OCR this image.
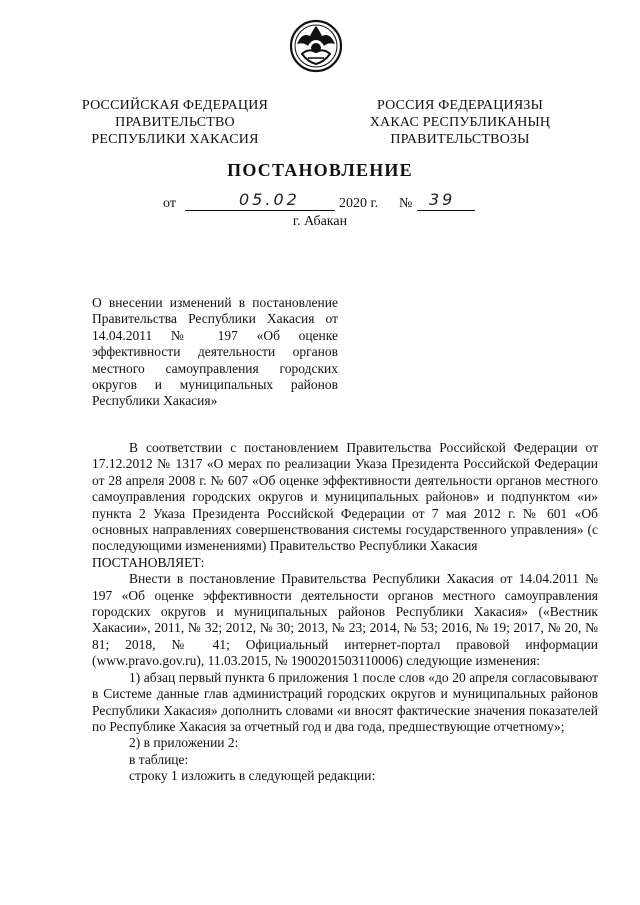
РОССИЙСКАЯ ФЕДЕРАЦИЯ
ПРАВИТЕЛЬСТВО
РЕСПУБЛИКИ ХАКАСИЯ
РОССИЯ ФЕДЕРАЦИЯЗЫ
ХАКАС РЕСПУБЛИКАНЫҢ
ПРАВИТЕЛЬСТВОЗЫ
ПОСТАНОВЛЕНИЕ
от	05.02	2020 г. № 39
г. Абакан
О внесении изменений в постановление Правительства Республики Хакасия от 14.04.2011 № 197 «Об оценке эффективности деятельности органов местного самоуправления городских округов и муниципальных районов Республики Хакасия»

В соответствии с постановлением Правительства Российской Федерации от 17.12.2012 № 1317 «О мерах по реализации Указа Президента Российской Федерации от 28 апреля 2008 г. № 607 «Об оценке эффективности деятельности органов местного самоуправления городских округов и муниципальных районов» и подпунктом «и» пункта 2 Указа Президента Российской Федерации от 7 мая 2012 г. № 601 «Об основных направлениях совершенствования системы государственного управления» (с последующими изменениями) Правительство Республики Хакасия

ПОСТАНОВЛЯЕТ:

Внести в постановление Правительства Республики Хакасия от 14.04.2011 № 197 «Об оценке эффективности деятельности органов местного самоуправления городских округов и муниципальных районов Республики Хакасия» («Вестник Хакасии», 2011, № 32; 2012, № 30; 2013, № 23; 2014, № 53; 2016, № 19; 2017, № 20, № 81; 2018, № 41; Официальный интернет-портал правовой информации (www.pravo.gov.ru), 11.03.2015, № 1900201503110006) следующие изменения:

1) абзац первый пункта 6 приложения 1 после слов «до 20 апреля согласовывают в Системе данные глав администраций городских округов и муниципальных районов Республики Хакасия» дополнить словами «и вносят фактические значения показателей по Республике Хакасия за отчетный год и два года, предшествующие отчетному»;

2) в приложении 2:

в таблице:

строку 1 изложить в следующей редакции:
